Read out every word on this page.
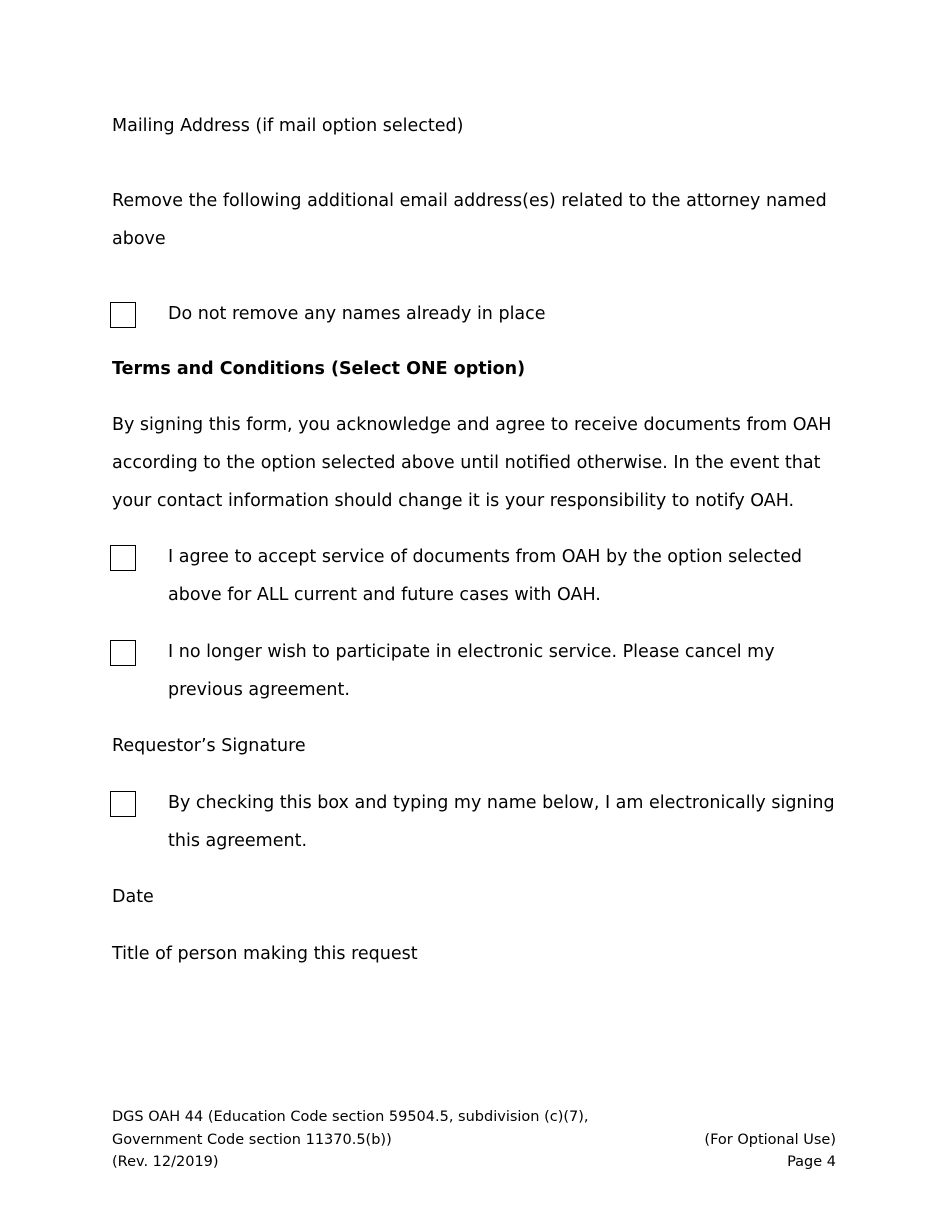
Mailing Address (if mail option selected)
Remove the following additional email address(es) related to the attorney named above
Do not remove any names already in place
Terms and Conditions (Select ONE option)
By signing this form, you acknowledge and agree to receive documents from OAH according to the option selected above until notified otherwise. In the event that your contact information should change it is your responsibility to notify OAH.
I agree to accept service of documents from OAH by the option selected above for ALL current and future cases with OAH.
I no longer wish to participate in electronic service. Please cancel my previous agreement.
Requestor’s Signature
By checking this box and typing my name below, I am electronically signing this agreement.
Date
Title of person making this request
DGS OAH 44 (Education Code section 59504.5, subdivision (c)(7),
Government Code section 11370.5(b))
(Rev. 12/2019)
(For Optional Use)
Page 4
